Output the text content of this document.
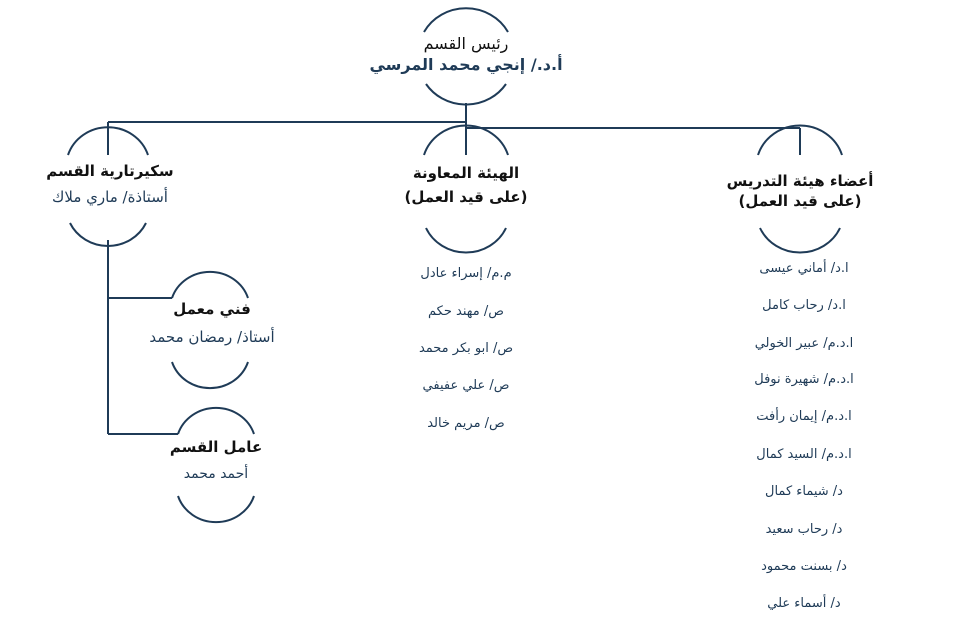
رئيس القسم
أ.د./ إنجي محمد المرسي
سكيرتارية القسم
أستاذة/ ماري ملاك
الهيئة المعاونة
(على قيد العمل)
أعضاء هيئة التدريس
(على قيد العمل)
فني معمل
أستاذ/ رمضان محمد
عامل القسم
أحمد محمد
م.م/ إسراء عادل
ص/ مهند حكم
ص/ ابو بكر محمد
ص/ علي عفيفي
ص/ مريم خالد
ا.د/ أماني عيسى
ا.د/ رحاب كامل
ا.د.م/ عبير الخولي
ا.د.م/ شهيرة نوفل
ا.د.م/ إيمان رأفت
ا.د.م/ السيد كمال
د/ شيماء كمال
د/ رحاب سعيد
د/ بسنت محمود
د/ أسماء علي
